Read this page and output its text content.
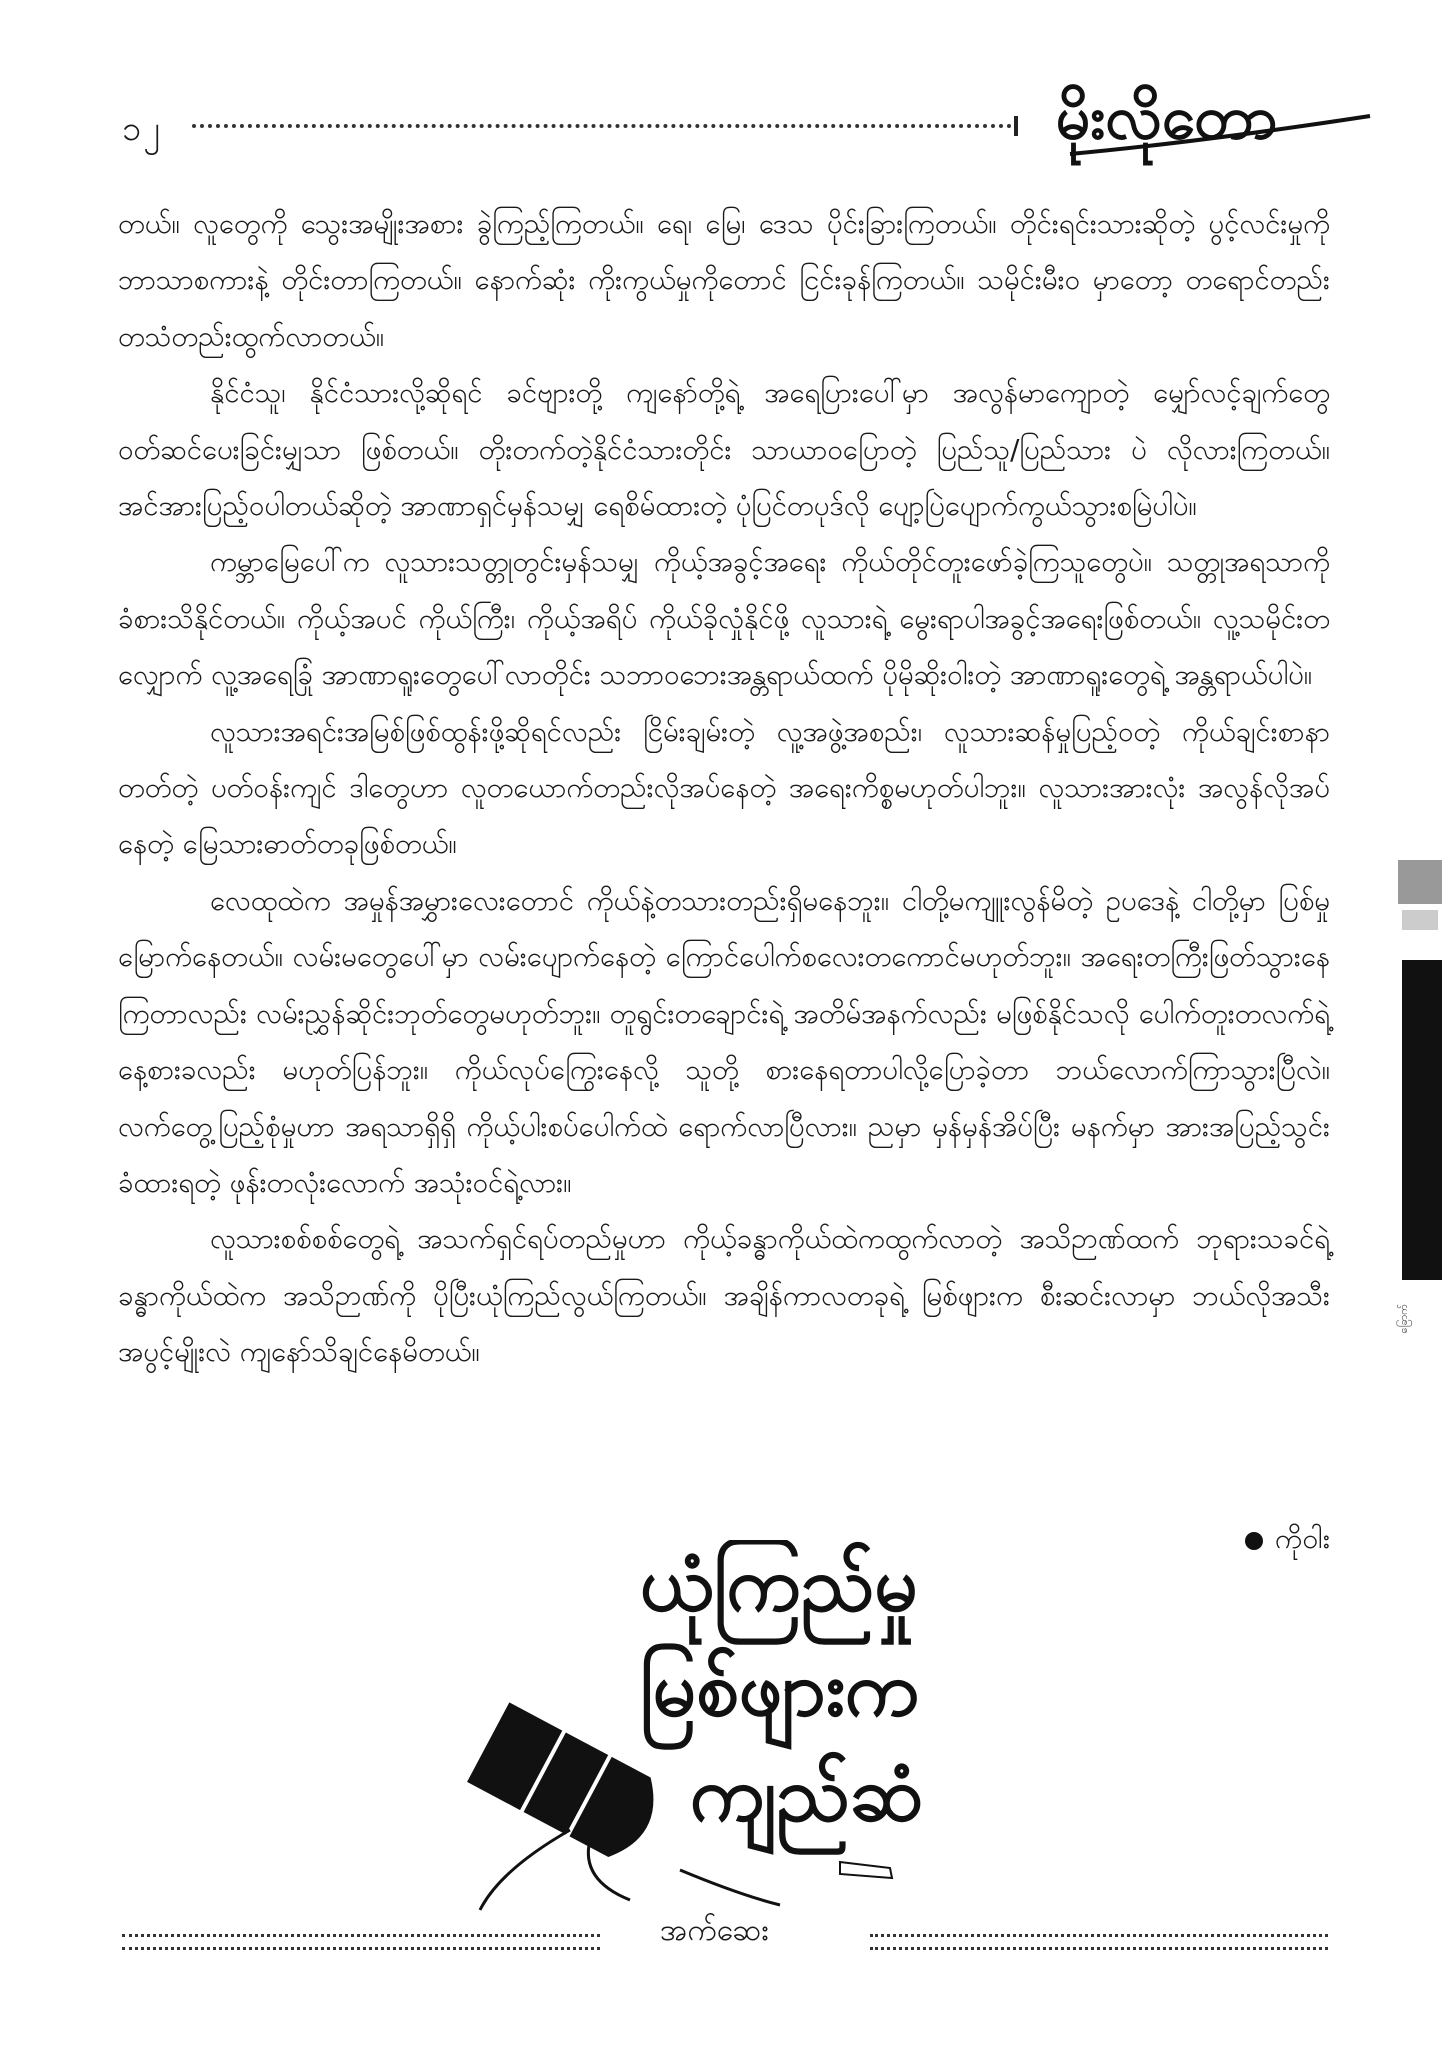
၁၂	မိုးလိုတော

တယ်။ လူတွေကို သွေးအမျိုးအစား ခွဲကြည့်ကြတယ်။ ရေ၊ မြေ၊ ဒေသ ပိုင်းခြားကြတယ်။ တိုင်းရင်းသားဆိုတဲ့ ပွင့်လင်းမှုကို ဘာသာစကားနဲ့ တိုင်းတာကြတယ်။ နောက်ဆုံး ကိုးကွယ်မှုကိုတောင် ငြင်းခုန်ကြတယ်။ သမိုင်းမီးဝ မှာတော့ တရောင်တည်း တသံတည်းထွက်လာတယ်။

နိုင်ငံသူ၊ နိုင်ငံသားလို့ဆိုရင် ခင်ဗျားတို့ ကျနော်တို့ရဲ့ အရေပြားပေါ်မှာ အလွန်မာကျောတဲ့ မျှော်လင့်ချက်တွေ ဝတ်ဆင်ပေးခြင်းမျှသာ ဖြစ်တယ်။ တိုးတက်တဲ့နိုင်ငံသားတိုင်း သာယာဝပြောတဲ့ ပြည်သူ/ပြည်သား ပဲ လိုလားကြတယ်။ အင်အားပြည့်ဝပါတယ်ဆိုတဲ့ အာဏာရှင်မှန်သမျှ ရေစိမ်ထားတဲ့ ပုံပြင်တပုဒ်လို ပျော့ပြဲပျောက်ကွယ်သွားစမြဲပါပဲ။

ကမ္ဘာမြေပေါ်က လူသားသတ္တုတွင်းမှန်သမျှ ကိုယ့်အခွင့်အရေး ကိုယ်တိုင်တူးဖော်ခဲ့ကြသူတွေပဲ။ သတ္တုအရသာကို ခံစားသိနိုင်တယ်။ ကိုယ့်အပင် ကိုယ်ကြီး၊ ကိုယ့်အရိပ် ကိုယ်ခိုလှုံနိုင်ဖို့ လူသားရဲ့ မွေးရာပါအခွင့်အရေးဖြစ်တယ်။ လူ့သမိုင်းတလျှောက် လူ့အရေခြုံ အာဏာရူးတွေပေါ်လာတိုင်း သဘာဝဘေးအန္တရာယ်ထက် ပိုမိုဆိုးဝါးတဲ့ အာဏာရူးတွေရဲ့ အန္တရာယ်ပါပဲ။

လူသားအရင်းအမြစ်ဖြစ်ထွန်းဖို့ဆိုရင်လည်း ငြိမ်းချမ်းတဲ့ လူ့အဖွဲ့အစည်း၊ လူသားဆန်မှုပြည့်ဝတဲ့ ကိုယ်ချင်းစာနာတတ်တဲ့ ပတ်ဝန်းကျင် ဒါတွေဟာ လူတယောက်တည်းလိုအပ်နေတဲ့ အရေးကိစ္စမဟုတ်ပါဘူး။ လူသားအားလုံး အလွန်လိုအပ်နေတဲ့ မြေသားဓာတ်တခုဖြစ်တယ်။

လေထုထဲက အမှုန်အမွှားလေးတောင် ကိုယ်နဲ့တသားတည်းရှိမနေဘူး။ ငါတို့မကျူးလွန်မိတဲ့ ဥပဒေနဲ့ ငါတို့မှာ ပြစ်မှုမြောက်နေတယ်။ လမ်းမတွေပေါ်မှာ လမ်းပျောက်နေတဲ့ ကြောင်ပေါက်စလေးတကောင်မဟုတ်ဘူး။ အရေးတကြီးဖြတ်သွားနေကြတာလည်း လမ်းညွှန်ဆိုင်းဘုတ်တွေမဟုတ်ဘူး။ တူရွင်းတချောင်းရဲ့ အတိမ်အနက်လည်း မဖြစ်နိုင်သလို ပေါက်တူးတလက်ရဲ့ နေ့စားခလည်း မဟုတ်ပြန်ဘူး။ ကိုယ်လုပ်ကြွေးနေလို့ သူတို့ စားနေရတာပါလို့ပြောခဲ့တာ ဘယ်လောက်ကြာသွားပြီလဲ။ လက်တွေ့ပြည့်စုံမှုဟာ အရသာရှိရှိ ကိုယ့်ပါးစပ်ပေါက်ထဲ ရောက်လာပြီလား။ ညမှာ မှန်မှန်အိပ်ပြီး မနက်မှာ အားအပြည့်သွင်းခံထားရတဲ့ ဖုန်းတလုံးလောက် အသုံးဝင်ရဲ့လား။

လူသားစစ်စစ်တွေရဲ့ အသက်ရှင်ရပ်တည်မှုဟာ ကိုယ့်ခန္ဓာကိုယ်ထဲကထွက်လာတဲ့ အသိဉာဏ်ထက် ဘုရားသခင်ရဲ့ခန္ဓာကိုယ်ထဲက အသိဉာဏ်ကို ပိုပြီးယုံကြည်လွယ်ကြတယ်။ အချိန်ကာလတခုရဲ့ မြစ်ဖျားက စီးဆင်းလာမှာ ဘယ်လိုအသီးအပွင့်မျိုးလဲ ကျနော်သိချင်နေမိတယ်။

ကိုဝါး
ယုံကြည်မှု
မြစ်ဖျားက
ကျည်ဆံ
ခြောက်
အက်ဆေး
